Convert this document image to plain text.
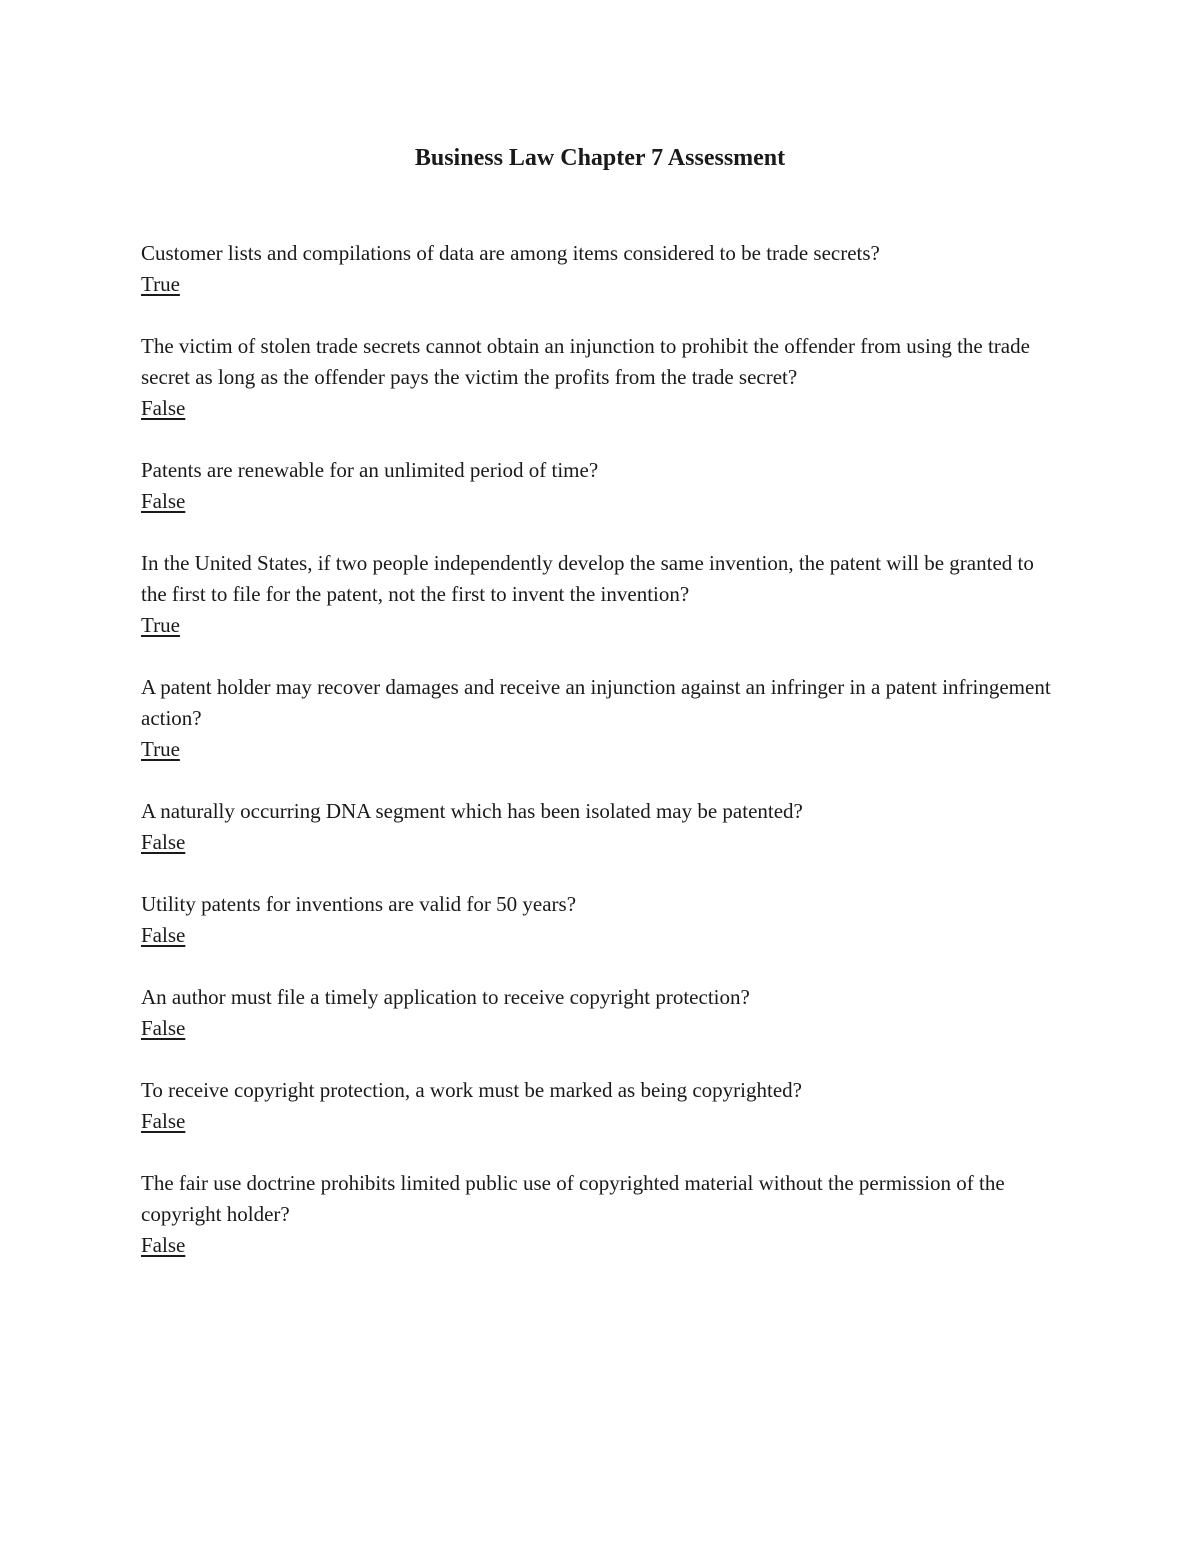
Business Law Chapter 7 Assessment

Customer lists and compilations of data are among items considered to be trade secrets?

True

The victim of stolen trade secrets cannot obtain an injunction to prohibit the offender from using the trade secret as long as the offender pays the victim the profits from the trade secret?

False

Patents are renewable for an unlimited period of time?

False

In the United States, if two people independently develop the same invention, the patent will be granted to the first to file for the patent, not the first to invent the invention?

True

A patent holder may recover damages and receive an injunction against an infringer in a patent infringement action?

True

A naturally occurring DNA segment which has been isolated may be patented?

False

Utility patents for inventions are valid for 50 years?

False

An author must file a timely application to receive copyright protection?

False

To receive copyright protection, a work must be marked as being copyrighted?

False

The fair use doctrine prohibits limited public use of copyrighted material without the permission of the copyright holder?

False
